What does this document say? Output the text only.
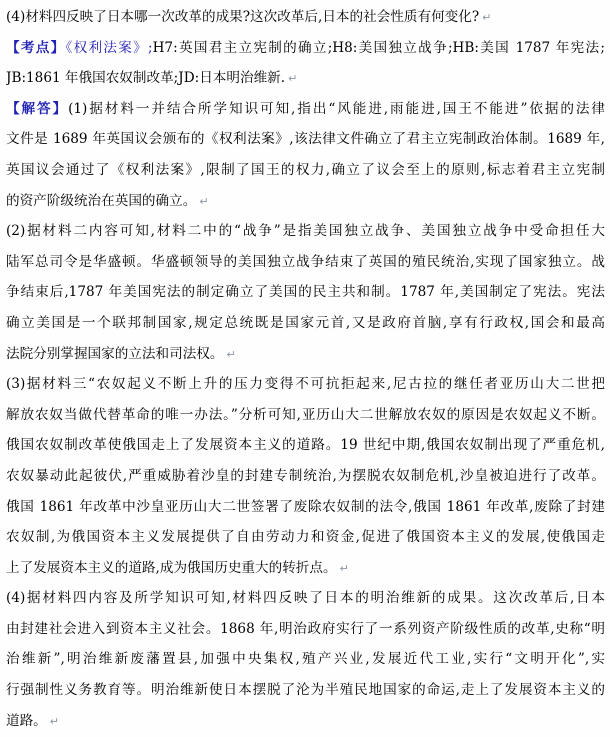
(4)材料四反映了日本哪一次改革的成果?这次改革后,日本的社会性质有何变化? ↵
【考点】《权利法案》;H7:英国君主立宪制的确立;H8:美国独立战争;HB:美国 1787 年宪法;
JB:1861 年俄国农奴制改革;JD:日本明治维新. ↵
【解答】(1)据材料一并结合所学知识可知,指出“风能进,雨能进,国王不能进”依据的法律
文件是 1689 年英国议会颁布的《权利法案》,该法律文件确立了君主立宪制政治体制。1689 年,
英国议会通过了《权利法案》,限制了国王的权力,确立了议会至上的原则,标志着君主立宪制
的资产阶级统治在英国的确立。 ↵
(2)据材料二内容可知,材料二中的“战争”是指美国独立战争、美国独立战争中受命担任大
陆军总司令是华盛顿。华盛顿领导的美国独立战争结束了英国的殖民统治,实现了国家独立。战
争结束后,1787 年美国宪法的制定确立了美国的民主共和制。1787 年,美国制定了宪法。宪法
确立美国是一个联邦制国家,规定总统既是国家元首,又是政府首脑,享有行政权,国会和最高
法院分别掌握国家的立法和司法权。 ↵
(3)据材料三“农奴起义不断上升的压力变得不可抗拒起来,尼古拉的继任者亚历山大二世把
解放农奴当做代替革命的唯一办法。”分析可知,亚历山大二世解放农奴的原因是农奴起义不断。
俄国农奴制改革使俄国走上了发展资本主义的道路。19 世纪中期,俄国农奴制出现了严重危机,
农奴暴动此起彼伏,严重威胁着沙皇的封建专制统治,为摆脱农奴制危机,沙皇被迫进行了改革。
俄国 1861 年改革中沙皇亚历山大二世签署了废除农奴制的法令,俄国 1861 年改革,废除了封建
农奴制,为俄国资本主义发展提供了自由劳动力和资金,促进了俄国资本主义的发展,使俄国走
上了发展资本主义的道路,成为俄国历史重大的转折点。 ↵
(4)据材料四内容及所学知识可知,材料四反映了日本的明治维新的成果。这次改革后,日本
由封建社会进入到资本主义社会。1868 年,明治政府实行了一系列资产阶级性质的改革,史称“明
治维新”,明治维新废藩置县,加强中央集权,殖产兴业,发展近代工业,实行“文明开化”,实
行强制性义务教育等。明治维新使日本摆脱了沦为半殖民地国家的命运,走上了发展资本主义的
道路。 ↵
